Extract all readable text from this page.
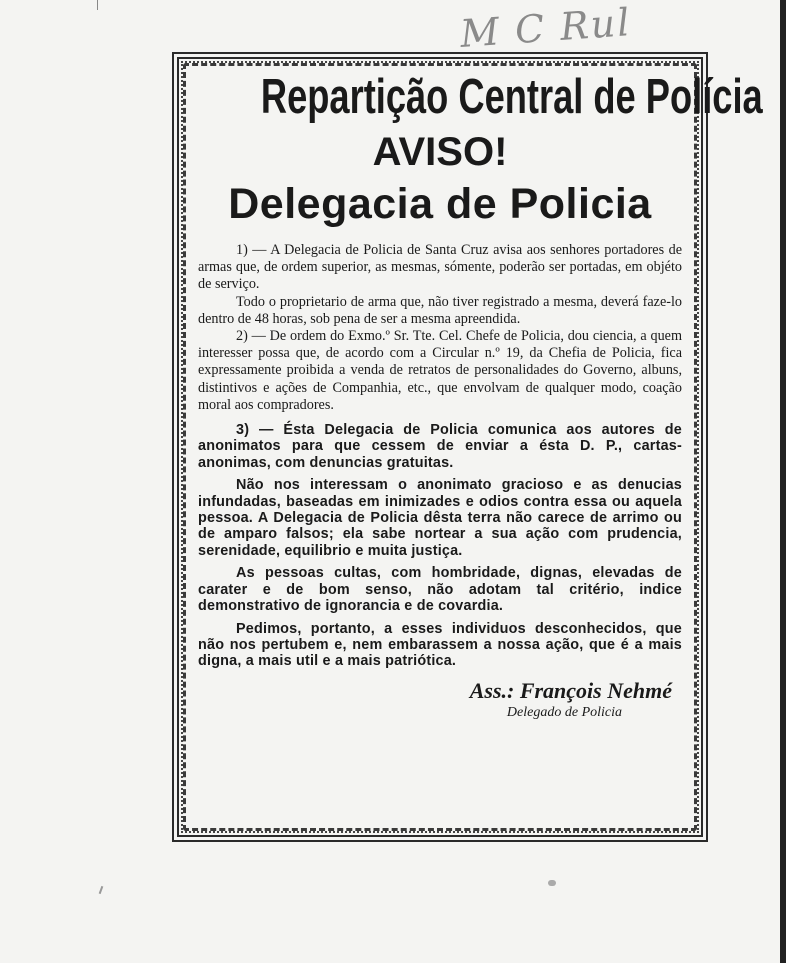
M C Rul
Repartição Central de Polícia
AVISO!
Delegacia de Policia

1) — A Delegacia de Policia de Santa Cruz avisa aos senhores portadores de armas que, de ordem superior, as mesmas, sómente, poderão ser portadas, em objéto de serviço.

Todo o proprietario de arma que, não tiver registrado a mesma, deverá faze-lo dentro de 48 horas, sob pena de ser a mesma apreendida.

2) — De ordem do Exmo.º Sr. Tte. Cel. Chefe de Policia, dou ciencia, a quem interesser possa que, de acordo com a Circular n.º 19, da Chefia de Policia, fica expressamente proibida a venda de retratos de personalidades do Governo, albuns, distintivos e ações de Companhia, etc., que envolvam de qualquer modo, coação moral aos compradores.

3) — Ésta Delegacia de Policia comunica aos autores de anonimatos para que cessem de enviar a ésta D. P., cartas-anonimas, com denuncias gratuitas.

Não nos interessam o anonimato gracioso e as denucias infundadas, baseadas em inimizades e odios contra essa ou aquela pessoa. A Delegacia de Policia dêsta terra não carece de arrimo ou de amparo falsos; ela sabe nortear a sua ação com prudencia, serenidade, equilibrio e muita justiça.

As pessoas cultas, com hombridade, dignas, elevadas de carater e de bom senso, não adotam tal critério, indice demonstrativo de ignorancia e de covardia.

Pedimos, portanto, a esses individuos desconhecidos, que não nos pertubem e, nem embarassem a nossa ação, que é a mais digna, a mais util e a mais patriótica.

Ass.: François Nehmé
Delegado de Policia
